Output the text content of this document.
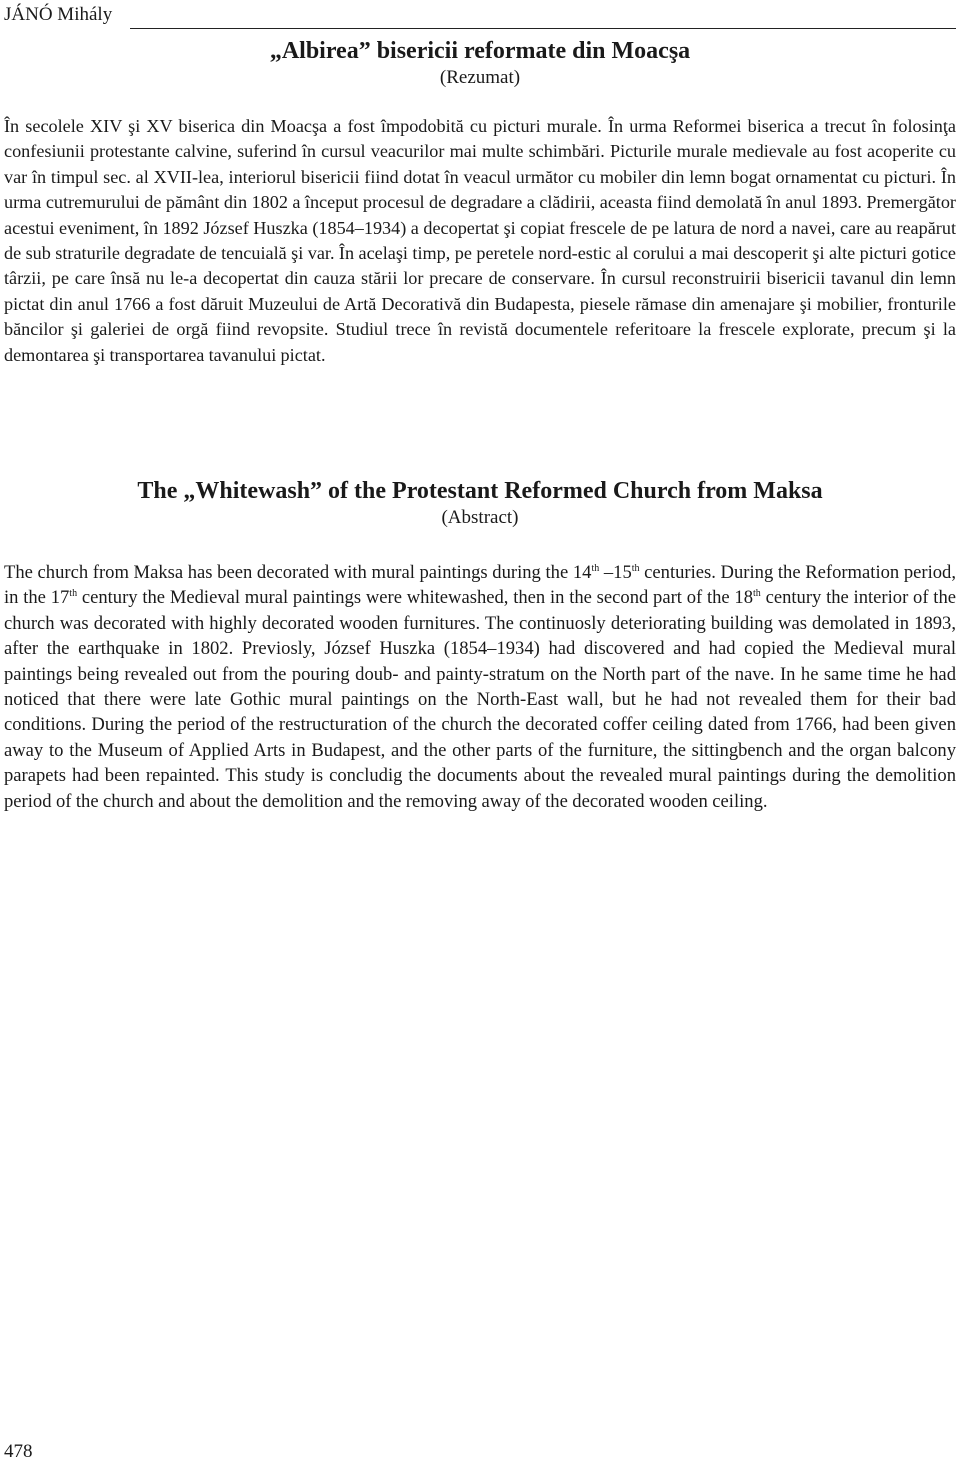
JÁNÓ Mihály
„Albirea” bisericii reformate din Moacşa

(Rezumat)

În secolele XIV şi XV biserica din Moacşa a fost împodobită cu picturi murale. În urma Reformei biserica a trecut în folosinţa confesiunii protestante calvine, suferind în cursul veacurilor mai multe schimbări. Picturile murale medievale au fost acoperite cu var în timpul sec. al XVII-lea, interiorul bisericii fiind dotat în veacul următor cu mobiler din lemn bogat ornamentat cu picturi. În urma cutremurului de pământ din 1802 a început procesul de degradare a clădirii, aceasta fiind demolată în anul 1893. Premergător acestui eveniment, în 1892 József Huszka (1854–1934) a decopertat şi copiat frescele de pe latura de nord a navei, care au reapărut de sub straturile degradate de tencuială şi var. În acelaşi timp, pe peretele nord-estic al corului a mai descoperit şi alte picturi gotice târzii, pe care însă nu le-a decopertat din cauza stării lor precare de conservare. În cursul reconstruirii bisericii tavanul din lemn pictat din anul 1766 a fost dăruit Muzeului de Artă Decorativă din Budapesta, piesele rămase din amenajare şi mobilier, fronturile băncilor şi galeriei de orgă fiind revopsite. Studiul trece în revistă documentele referitoare la frescele explorate, precum şi la demontarea şi transportarea tavanului pictat.

The „Whitewash” of the Protestant Reformed Church from Maksa

(Abstract)

The church from Maksa has been decorated with mural paintings during the 14th –15th centuries. During the Reformation period, in the 17th century the Medieval mural paintings were whitewashed, then in the second part of the 18th century the interior of the church was decorated with highly decorated wooden furnitures. The continuosly deteriorating building was demolated in 1893, after the earthquake in 1802. Previosly, József Huszka (1854–1934) had discovered and had copied the Medieval mural paintings being revealed out from the pouring doub- and painty-stratum on the North part of the nave. In he same time he had noticed that there were late Gothic mural paintings on the North-East wall, but he had not revealed them for their bad conditions. During the period of the restructuration of the church the decorated coffer ceiling dated from 1766, had been given away to the Museum of Applied Arts in Budapest, and the other parts of the furniture, the sittingbench and the organ balcony parapets had been repainted. This study is concludig the documents about the revealed mural paintings during the demolition period of the church and about the demolition and the removing away of the decorated wooden ceiling.

478
